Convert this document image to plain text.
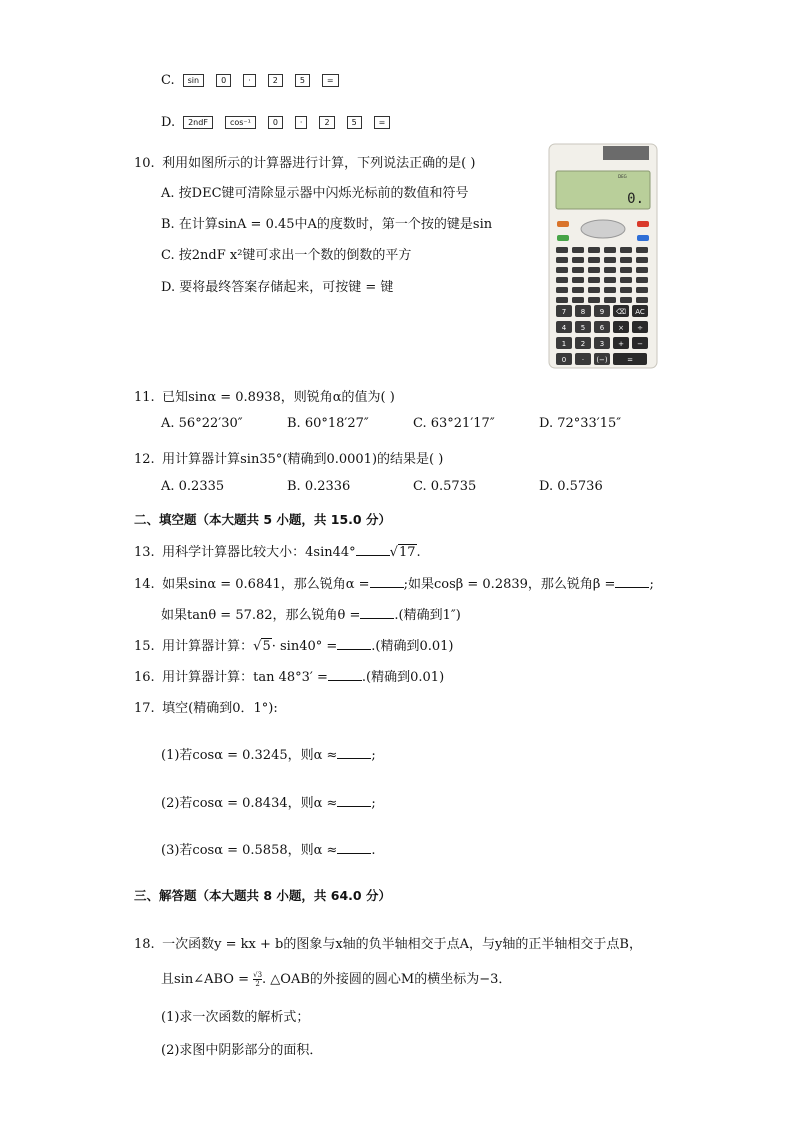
C.	sin	0	·	2	5	=
D.	2ndF	cos⁻¹	0	·	2	5	=
10. 利用如图所示的计算器进行计算，下列说法正确的是( )
A. 按DEC键可清除显示器中闪烁光标前的数值和符号
B. 在计算sinA = 0.45中A的度数时，第一个按的键是sin
C. 按2ndF x²键可求出一个数的倒数的平方
D. 要将最终答案存储起来，可按键 = 键
DEG
0.
7 8 9 ⌫ AC
4 5 6 × ÷
1 2 3 + −
0 · (−)	=
11. 已知sinα = 0.8938，则锐角α的值为( )
A. 56°22′30″	B. 60°18′27″	C. 63°21′17″	D. 72°33′15″
12. 用计算器计算sin35°(精确到0.0001)的结果是( )
A. 0.2335	B. 0.2336	C. 0.5735	D. 0.5736
二、填空题（本大题共 5 小题，共 15.0 分）
13. 用科学计算器比较大小：4sin44°	√17.
14. 如果sinα = 0.6841，那么锐角α =	;如果cosβ = 0.2839，那么锐角β =	;
如果tanθ = 57.82，那么锐角θ =	.(精确到1″)
15. 用计算器计算：√5· sin40° =	.(精确到0.01)
16. 用计算器计算：tan 48°3′ =	.(精确到0.01)
17. 填空(精确到0．1°):
(1)若cosα = 0.3245，则α ≈	;
(2)若cosα = 0.8434，则α ≈	;
(3)若cosα = 0.5858，则α ≈	.
三、解答题（本大题共 8 小题，共 64.0 分）
18. 一次函数y = kx + b的图象与x轴的负半轴相交于点A，与y轴的正半轴相交于点B，
且sin∠ABO = $\frac{√3}{2}$ . △OAB的外接圆的圆心M的横坐标为−3．
(1)求一次函数的解析式；
(2)求图中阴影部分的面积．
